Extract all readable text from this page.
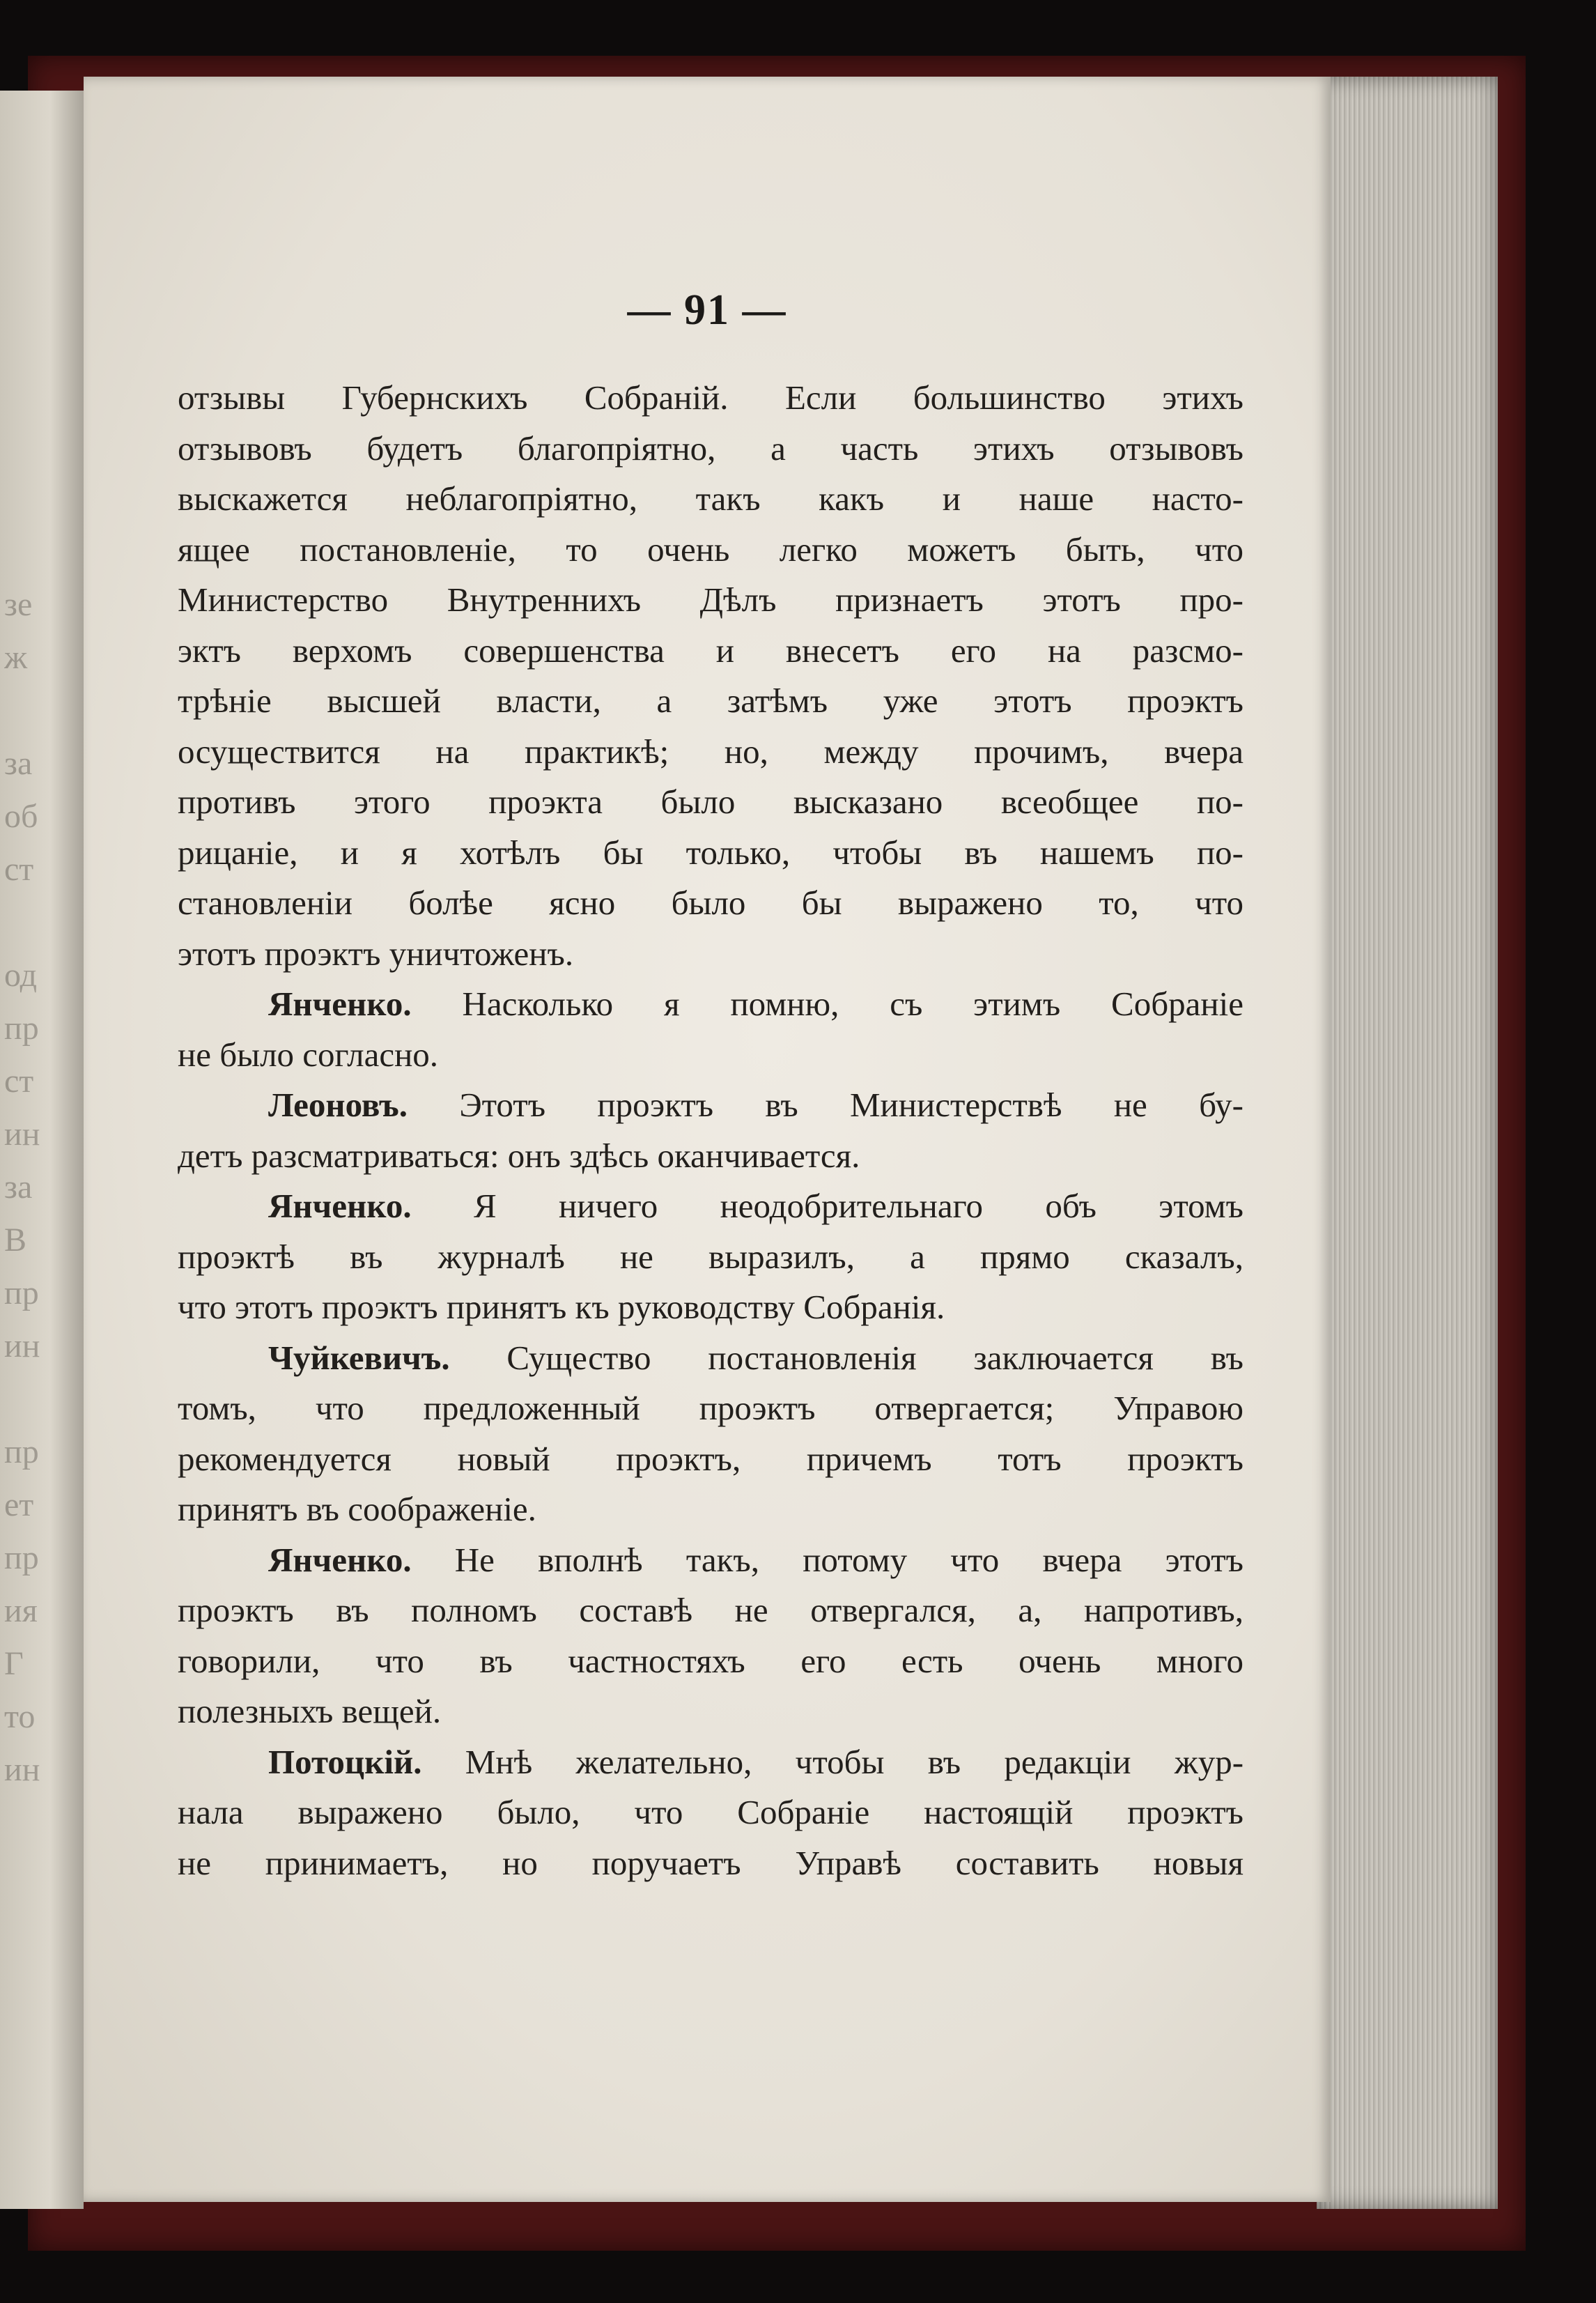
зе
ж

за
об
ст

од
пр
ст
ин
за
В
пр
ин

пр
ет
пр
ия
Г
то
ин
— 91 —
отзывы Губернскихъ Собраній. Если большинство этихъ
отзывовъ будетъ благопріятно, а часть этихъ отзывовъ
выскажется неблагопріятно, такъ какъ и наше насто-
ящее постановленіе, то очень легко можетъ быть, что
Министерство Внутреннихъ Дѣлъ признаетъ этотъ про-
эктъ верхомъ совершенства и внесетъ его на разсмо-
трѣніе высшей власти, а затѣмъ уже этотъ проэктъ
осуществится на практикѣ; но, между прочимъ, вчера
противъ этого проэкта было высказано всеобщее по-
рицаніе, и я хотѣлъ бы только, чтобы въ нашемъ по-
становленіи болѣе ясно было бы выражено то, что
этотъ проэктъ уничтоженъ.
Янченко. Насколько я помню, съ этимъ Собраніе
не было согласно.
Леоновъ. Этотъ проэктъ въ Министерствѣ не бу-
детъ разсматриваться: онъ здѣсь оканчивается.
Янченко. Я ничего неодобрительнаго объ этомъ
проэктѣ въ журналѣ не выразилъ, а прямо сказалъ,
что этотъ проэктъ принятъ къ руководству Собранія.
Чуйкевичъ. Существо постановленія заключается въ
томъ, что предложенный проэктъ отвергается; Управою
рекомендуется новый проэктъ, причемъ тотъ проэктъ
принятъ въ соображеніе.
Янченко. Не вполнѣ такъ, потому что вчера этотъ
проэктъ въ полномъ составѣ не отвергался, а, напротивъ,
говорили, что въ частностяхъ его есть очень много
полезныхъ вещей.
Потоцкій. Мнѣ желательно, чтобы въ редакціи жур-
нала выражено было, что Собраніе настоящій проэктъ
не принимаетъ, но поручаетъ Управѣ составить новыя
